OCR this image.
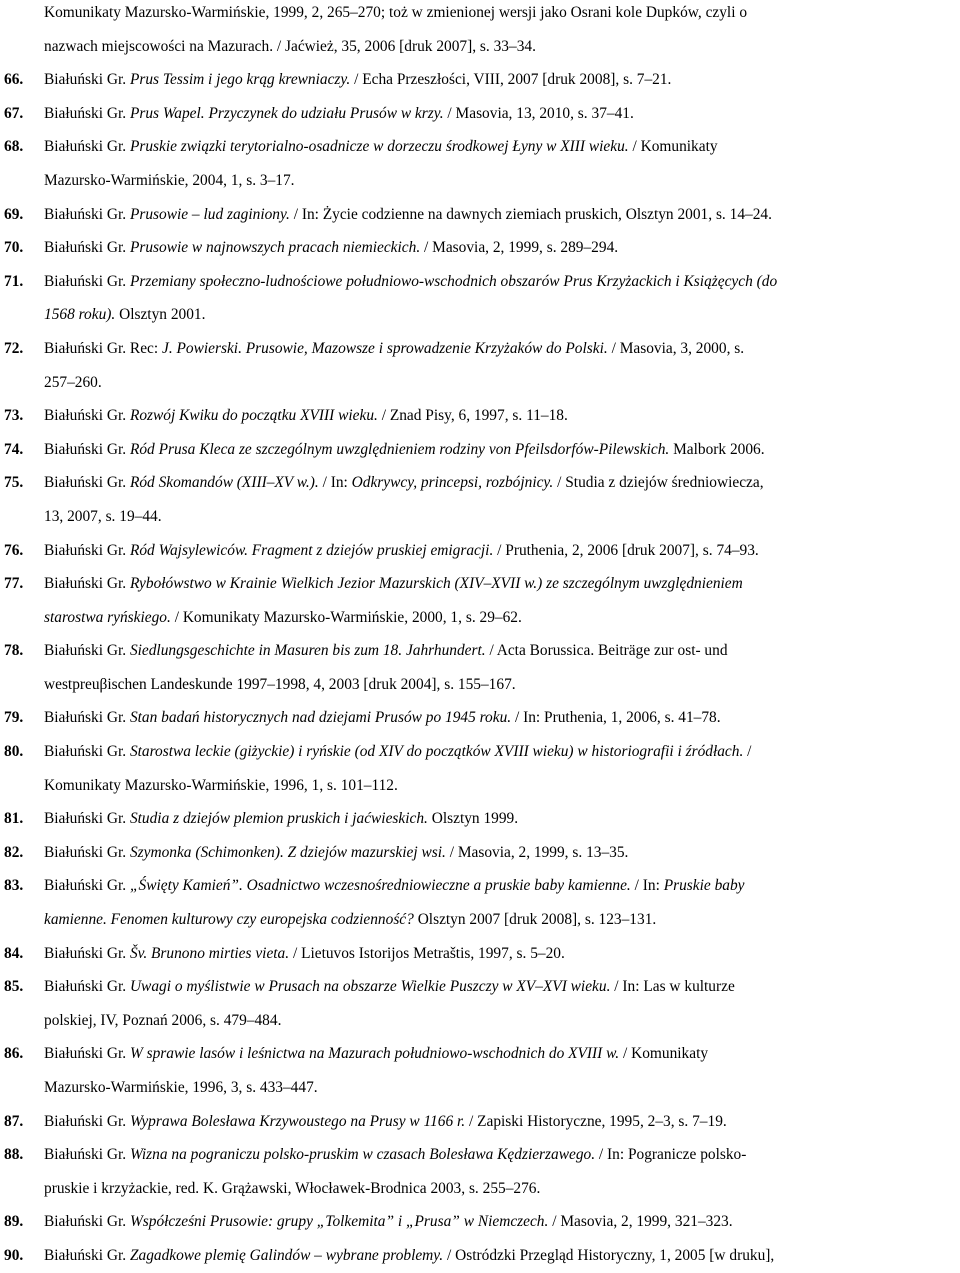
Komunikaty Mazursko-Warmińskie, 1999, 2, 265–270; toż w zmienionej wersji jako Osrani kole Dupków, czyli o
nazwach miejscowości na Mazurach. / Jaćwież, 35, 2006 [druk 2007], s. 33–34.
66.	Białuński Gr. Prus Tessim i jego krąg krewniaczy. / Echa Przeszłości, VIII, 2007 [druk 2008], s. 7–21.
67.	Białuński Gr. Prus Wapel. Przyczynek do udziału Prusów w krzy. / Masovia, 13, 2010, s. 37–41.
68.	Białuński Gr. Pruskie związki terytorialno-osadnicze w dorzeczu środkowej Łyny w XIII wieku. / Komunikaty
Mazursko-Warmińskie, 2004, 1, s. 3–17.
69.	Białuński Gr. Prusowie – lud zaginiony. / In: Życie codzienne na dawnych ziemiach pruskich, Olsztyn 2001, s. 14–24.
70.	Białuński Gr. Prusowie w najnowszych pracach niemieckich. / Masovia, 2, 1999, s. 289–294.
71.	Białuński Gr. Przemiany społeczno-ludnościowe południowo-wschodnich obszarów Prus Krzyżackich i Książęcych (do
1568 roku). Olsztyn 2001.
72.	Białuński Gr. Rec: J. Powierski. Prusowie, Mazowsze i sprowadzenie Krzyżaków do Polski. / Masovia, 3, 2000, s.
257–260.
73.	Białuński Gr. Rozwój Kwiku do początku XVIII wieku. / Znad Pisy, 6, 1997, s. 11–18.
74.	Białuński Gr. Ród Prusa Kleca ze szczególnym uwzględnieniem rodziny von Pfeilsdorfów-Pilewskich. Malbork 2006.
75.	Białuński Gr. Ród Skomandów (XIII–XV w.). / In: Odkrywcy, princepsi, rozbójnicy. / Studia z dziejów średniowiecza,
13, 2007, s. 19–44.
76.	Białuński Gr. Ród Wajsylewiców. Fragment z dziejów pruskiej emigracji. / Pruthenia, 2, 2006 [druk 2007], s. 74–93.
77.	Białuński Gr. Rybołówstwo w Krainie Wielkich Jezior Mazurskich (XIV–XVII w.) ze szczególnym uwzględnieniem
starostwa ryńskiego. / Komunikaty Mazursko-Warmińskie, 2000, 1, s. 29–62.
78.	Białuński Gr. Siedlungsgeschichte in Masuren bis zum 18. Jahrhundert. / Acta Borussica. Beiträge zur ost- und
westpreuβischen Landeskunde 1997–1998, 4, 2003 [druk 2004], s. 155–167.
79.	Białuński Gr. Stan badań historycznych nad dziejami Prusów po 1945 roku. / In: Pruthenia, 1, 2006, s. 41–78.
80.	Białuński Gr. Starostwa leckie (giżyckie) i ryńskie (od XIV do początków XVIII wieku) w historiografii i źródłach. /
Komunikaty Mazursko-Warmińskie, 1996, 1, s. 101–112.
81.	Białuński Gr. Studia z dziejów plemion pruskich i jaćwieskich. Olsztyn 1999.
82.	Białuński Gr. Szymonka (Schimonken). Z dziejów mazurskiej wsi. / Masovia, 2, 1999, s. 13–35.
83.	Białuński Gr. „Święty Kamień”. Osadnictwo wczesnośredniowieczne a pruskie baby kamienne. / In: Pruskie baby
kamienne. Fenomen kulturowy czy europejska codzienność? Olsztyn 2007 [druk 2008], s. 123–131.
84.	Białuński Gr. Šv. Brunono mirties vieta. / Lietuvos Istorijos Metraštis, 1997, s. 5–20.
85.	Białuński Gr. Uwagi o myślistwie w Prusach na obszarze Wielkie Puszczy w XV–XVI wieku. / In: Las w kulturze
polskiej, IV, Poznań 2006, s. 479–484.
86.	Białuński Gr. W sprawie lasów i leśnictwa na Mazurach południowo-wschodnich do XVIII w. / Komunikaty
Mazursko-Warmińskie, 1996, 3, s. 433–447.
87.	Białuński Gr. Wyprawa Bolesława Krzywoustego na Prusy w 1166 r. / Zapiski Historyczne, 1995, 2–3, s. 7–19.
88.	Białuński Gr. Wizna na pograniczu polsko-pruskim w czasach Bolesława Kędzierzawego. / In: Pogranicze polsko-
pruskie i krzyżackie, red. K. Grążawski, Włocławek-Brodnica 2003, s. 255–276.
89.	Białuński Gr. Współcześni Prusowie: grupy „Tolkemita” i „Prusa” w Niemczech. / Masovia, 2, 1999, 321–323.
90.	Białuński Gr. Zagadkowe plemię Galindów – wybrane problemy. / Ostródzki Przegląd Historyczny, 1, 2005 [w druku],
